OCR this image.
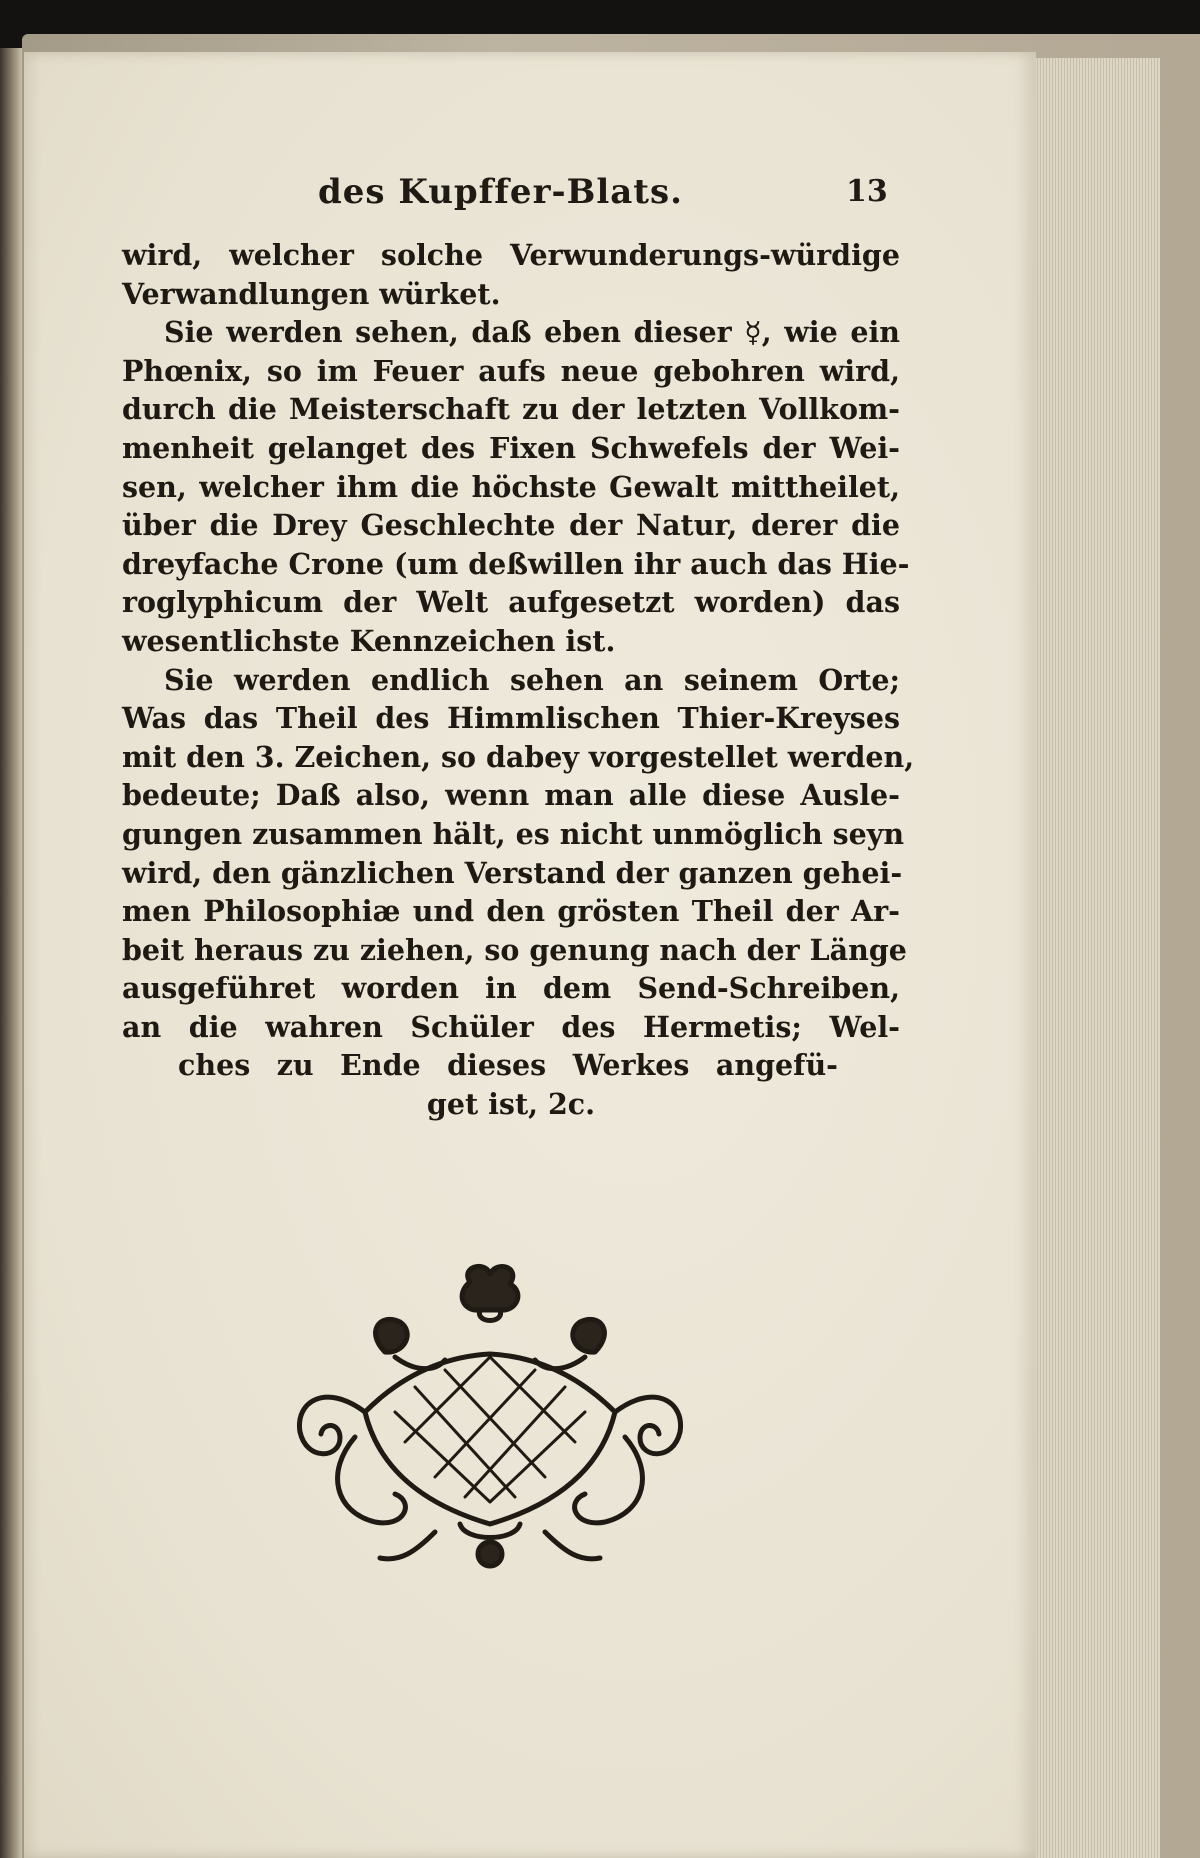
des Kupffer-Blats.	13
wird, welcher solche Verwunderungs-würdige
Verwandlungen würket.
Sie werden sehen, daß eben dieser ☿, wie ein
Phœnix, so im Feuer aufs neue gebohren wird,
durch die Meisterschaft zu der letzten Vollkom-
menheit gelanget des Fixen Schwefels der Wei-
sen, welcher ihm die höchste Gewalt mittheilet,
über die Drey Geschlechte der Natur, derer die
dreyfache Crone (um deßwillen ihr auch das Hie-
roglyphicum der Welt aufgesetzt worden) das
wesentlichste Kennzeichen ist.
Sie werden endlich sehen an seinem Orte;
Was das Theil des Himmlischen Thier-Kreyses
mit den 3. Zeichen, so dabey vorgestellet werden,
bedeute; Daß also, wenn man alle diese Ausle-
gungen zusammen hält, es nicht unmöglich seyn
wird, den gänzlichen Verstand der ganzen gehei-
men Philosophiæ und den grösten Theil der Ar-
beit heraus zu ziehen, so genung nach der Länge
ausgeführet worden in dem Send-Schreiben,
an die wahren Schüler des Hermetis; Wel-
ches zu Ende dieses Werkes angefü-
get ist, 2c.
